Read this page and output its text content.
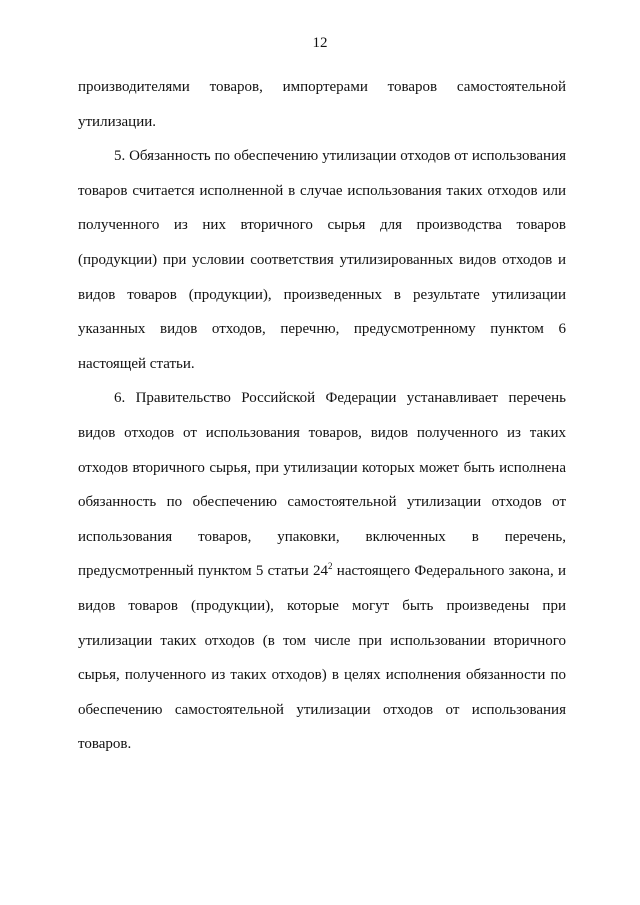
12

производителями товаров, импортерами товаров самостоятельной утилизации.

5. Обязанность по обеспечению утилизации отходов от использования товаров считается исполненной в случае использования таких отходов или полученного из них вторичного сырья для производства товаров (продукции) при условии соответствия утилизированных видов отходов и видов товаров (продукции), произведенных в результате утилизации указанных видов отходов, перечню, предусмотренному пунктом 6 настоящей статьи.

6. Правительство Российской Федерации устанавливает перечень видов отходов от использования товаров, видов полученного из таких отходов вторичного сырья, при утилизации которых может быть исполнена обязанность по обеспечению самостоятельной утилизации отходов от использования товаров, упаковки, включенных в перечень, предусмотренный пунктом 5 статьи $24^2$ настоящего Федерального закона, и видов товаров (продукции), которые могут быть произведены при утилизации таких отходов (в том числе при использовании вторичного сырья, полученного из таких отходов) в целях исполнения обязанности по обеспечению самостоятельной утилизации отходов от использования товаров.
